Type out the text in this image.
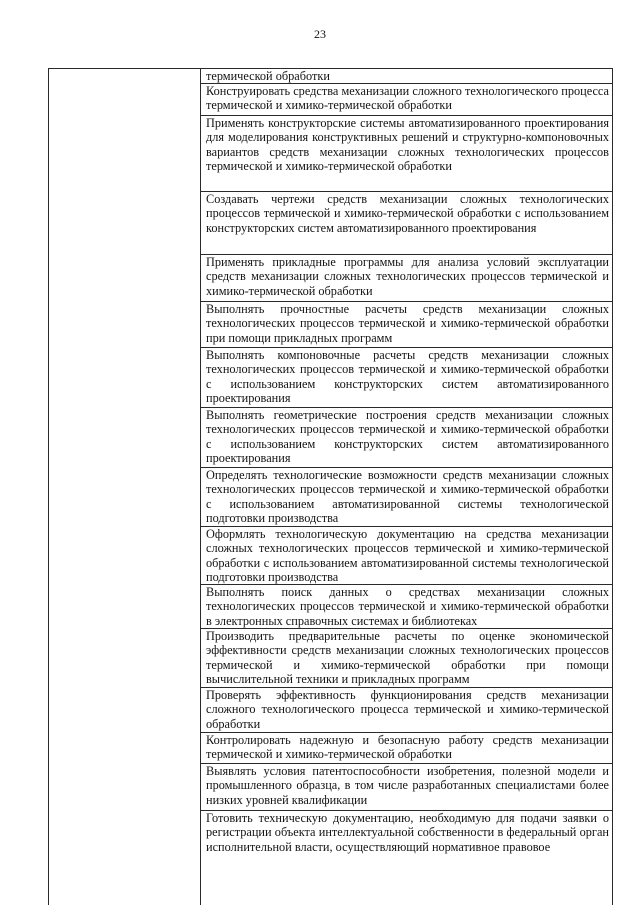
23
термической обработки
Конструировать средства механизации сложного технологического процесса термической и химико-термической обработки
Применять конструкторские системы автоматизированного проектирования для моделирования конструктивных решений и структурно-компоновочных вариантов средств механизации сложных технологических процессов термической и химико-термической обработки
Создавать чертежи средств механизации сложных технологических процессов термической и химико-термической обработки с использованием конструкторских систем автоматизированного проектирования
Применять прикладные программы для анализа условий эксплуатации средств механизации сложных технологических процессов термической и химико-термической обработки
Выполнять прочностные расчеты средств механизации сложных технологических процессов термической и химико-термической обработки при помощи прикладных программ
Выполнять компоновочные расчеты средств механизации сложных технологических процессов термической и химико-термической обработки с использованием конструкторских систем автоматизированного проектирования
Выполнять геометрические построения средств механизации сложных технологических процессов термической и химико-термической обработки с использованием конструкторских систем автоматизированного проектирования
Определять технологические возможности средств механизации сложных технологических процессов термической и химико-термической обработки с использованием автоматизированной системы технологической подготовки производства
Оформлять технологическую документацию на средства механизации сложных технологических процессов термической и химико-термической обработки с использованием автоматизированной системы технологической подготовки производства
Выполнять поиск данных о средствах механизации сложных технологических процессов термической и химико-термической обработки в электронных справочных системах и библиотеках
Производить предварительные расчеты по оценке экономической эффективности средств механизации сложных технологических процессов термической и химико-термической обработки при помощи вычислительной техники и прикладных программ
Проверять эффективность функционирования средств механизации сложного технологического процесса термической и химико-термической обработки
Контролировать надежную и безопасную работу средств механизации термической и химико-термической обработки
Выявлять условия патентоспособности изобретения, полезной модели и промышленного образца, в том числе разработанных специалистами более низких уровней квалификации
Готовить техническую документацию, необходимую для подачи заявки о регистрации объекта интеллектуальной собственности в федеральный орган исполнительной власти, осуществляющий нормативное правовое
